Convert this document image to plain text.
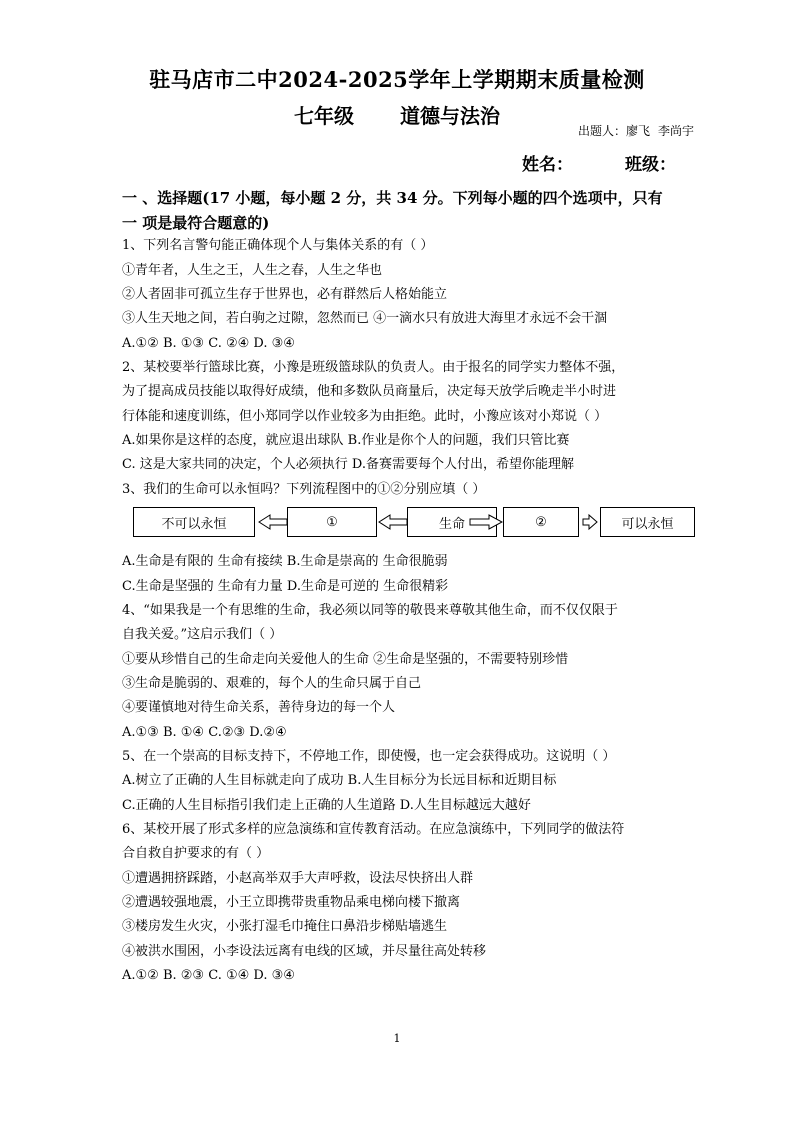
驻马店市二中2024-2025学年上学期期末质量检测
七年级 道德与法治
出题人：廖飞 李尚宇
姓名：	班级：
一 、选择题(17 小题，每小题 2 分，共 34 分。下列每小题的四个选项中，只有
一 项是最符合题意的)
1、下列名言警句能正确体现个人与集体关系的有（ ）
①青年者，人生之王，人生之春，人生之华也
②人者固非可孤立生存于世界也，必有群然后人格始能立
③人生天地之间，若白驹之过隙，忽然而已 ④一滴水只有放进大海里才永远不会干涸
A.①② B. ①③ C. ②④ D. ③④
2、某校要举行篮球比赛，小豫是班级篮球队的负责人。由于报名的同学实力整体不强，
为了提高成员技能以取得好成绩，他和多数队员商量后，决定每天放学后晚走半小时进
行体能和速度训练，但小郑同学以作业较多为由拒绝。此时，小豫应该对小郑说（ ）
A.如果你是这样的态度，就应退出球队 B.作业是你个人的问题，我们只管比赛
C. 这是大家共同的决定，个人必须执行 D.备赛需要每个人付出，希望你能理解
3、我们的生命可以永恒吗？下列流程图中的①②分别应填（ ）
不可以永恒	①	生命	②	可以永恒
A.生命是有限的 生命有接续 B.生命是崇高的 生命很脆弱
C.生命是坚强的 生命有力量 D.生命是可逆的 生命很精彩
4、“如果我是一个有思维的生命，我必须以同等的敬畏来尊敬其他生命，而不仅仅限于
自我关爱。”这启示我们（ ）
①要从珍惜自己的生命走向关爱他人的生命 ②生命是坚强的，不需要特别珍惜
③生命是脆弱的、艰难的，每个人的生命只属于自己
④要谨慎地对待生命关系，善待身边的每一个人
A.①③ B. ①④ C.②③ D.②④
5、在一个崇高的目标支持下，不停地工作，即使慢，也一定会获得成功。这说明（ ）
A.树立了正确的人生目标就走向了成功 B.人生目标分为长远目标和近期目标
C.正确的人生目标指引我们走上正确的人生道路 D.人生目标越远大越好
6、某校开展了形式多样的应急演练和宣传教育活动。在应急演练中，下列同学的做法符
合自救自护要求的有（ ）
①遭遇拥挤踩踏，小赵高举双手大声呼救，设法尽快挤出人群
②遭遇较强地震，小王立即携带贵重物品乘电梯向楼下撤离
③楼房发生火灾，小张打湿毛巾掩住口鼻沿步梯贴墙逃生
④被洪水围困，小李设法远离有电线的区域，并尽量往高处转移
A.①② B. ②③ C. ①④ D. ③④
1
